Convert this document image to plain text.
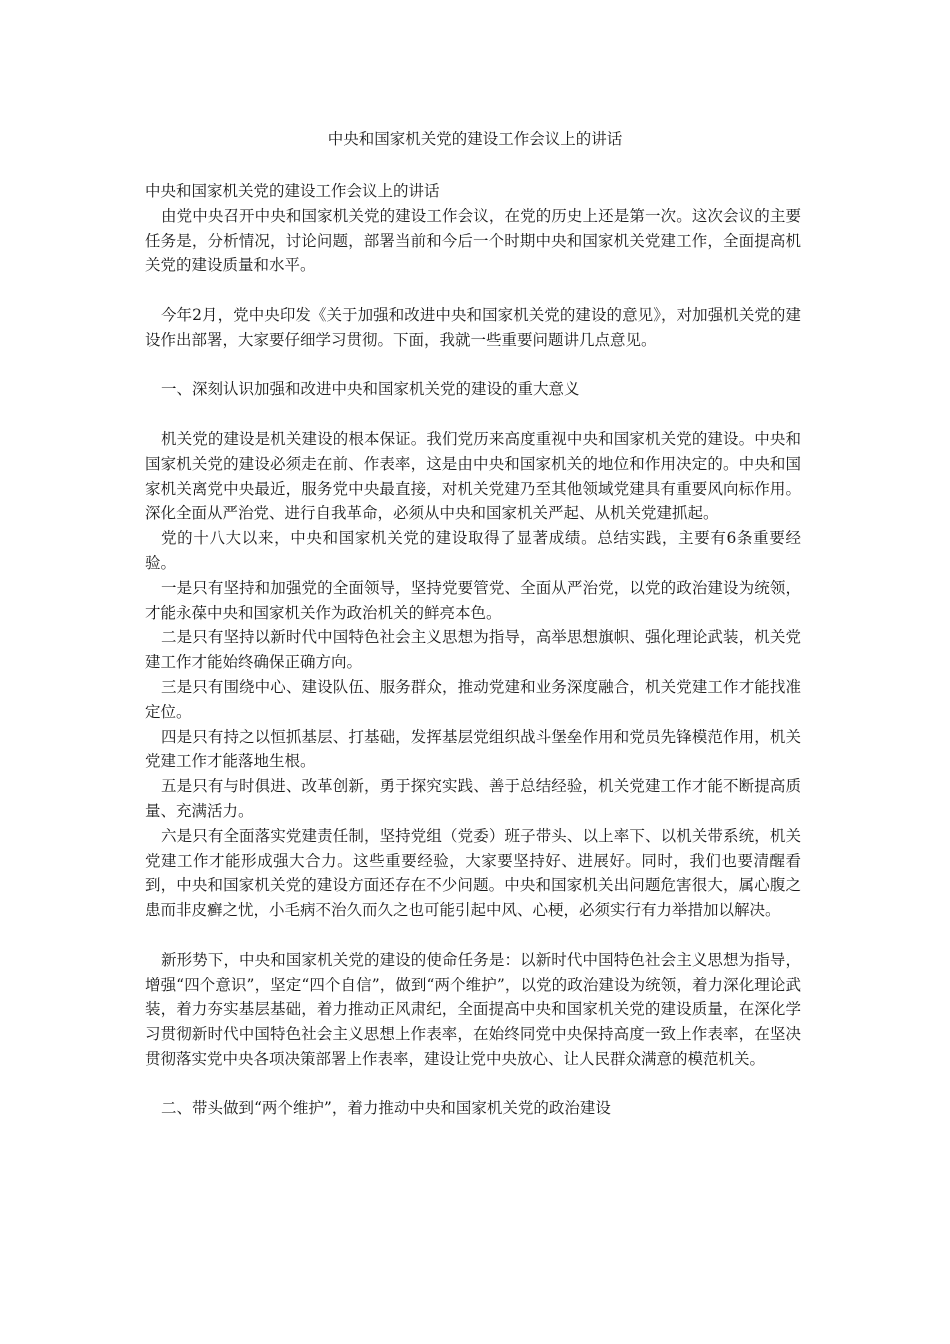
中央和国家机关党的建设工作会议上的讲话

中央和国家机关党的建设工作会议上的讲话

由党中央召开中央和国家机关党的建设工作会议，在党的历史上还是第一次。这次会议的主要任务是，分析情况，讨论问题，部署当前和今后一个时期中央和国家机关党建工作，全面提高机关党的建设质量和水平。

今年2月，党中央印发《关于加强和改进中央和国家机关党的建设的意见》，对加强机关党的建设作出部署，大家要仔细学习贯彻。下面，我就一些重要问题讲几点意见。

一、深刻认识加强和改进中央和国家机关党的建设的重大意义

机关党的建设是机关建设的根本保证。我们党历来高度重视中央和国家机关党的建设。中央和国家机关党的建设必须走在前、作表率，这是由中央和国家机关的地位和作用决定的。中央和国家机关离党中央最近，服务党中央最直接，对机关党建乃至其他领域党建具有重要风向标作用。深化全面从严治党、进行自我革命，必须从中央和国家机关严起、从机关党建抓起。

党的十八大以来，中央和国家机关党的建设取得了显著成绩。总结实践，主要有6条重要经验。

一是只有坚持和加强党的全面领导，坚持党要管党、全面从严治党，以党的政治建设为统领，才能永葆中央和国家机关作为政治机关的鲜亮本色。

二是只有坚持以新时代中国特色社会主义思想为指导，高举思想旗帜、强化理论武装，机关党建工作才能始终确保正确方向。

三是只有围绕中心、建设队伍、服务群众，推动党建和业务深度融合，机关党建工作才能找准定位。

四是只有持之以恒抓基层、打基础，发挥基层党组织战斗堡垒作用和党员先锋模范作用，机关党建工作才能落地生根。

五是只有与时俱进、改革创新，勇于探究实践、善于总结经验，机关党建工作才能不断提高质量、充满活力。

六是只有全面落实党建责任制，坚持党组（党委）班子带头、以上率下、以机关带系统，机关党建工作才能形成强大合力。这些重要经验，大家要坚持好、进展好。同时，我们也要清醒看到，中央和国家机关党的建设方面还存在不少问题。中央和国家机关出问题危害很大，属心腹之患而非皮癣之忧，小毛病不治久而久之也可能引起中风、心梗，必须实行有力举措加以解决。

新形势下，中央和国家机关党的建设的使命任务是：以新时代中国特色社会主义思想为指导，增强“四个意识”，坚定“四个自信”，做到“两个维护”，以党的政治建设为统领，着力深化理论武装，着力夯实基层基础，着力推动正风肃纪，全面提高中央和国家机关党的建设质量，在深化学习贯彻新时代中国特色社会主义思想上作表率，在始终同党中央保持高度一致上作表率，在坚决贯彻落实党中央各项决策部署上作表率，建设让党中央放心、让人民群众满意的模范机关。

二、带头做到“两个维护”，着力推动中央和国家机关党的政治建设
